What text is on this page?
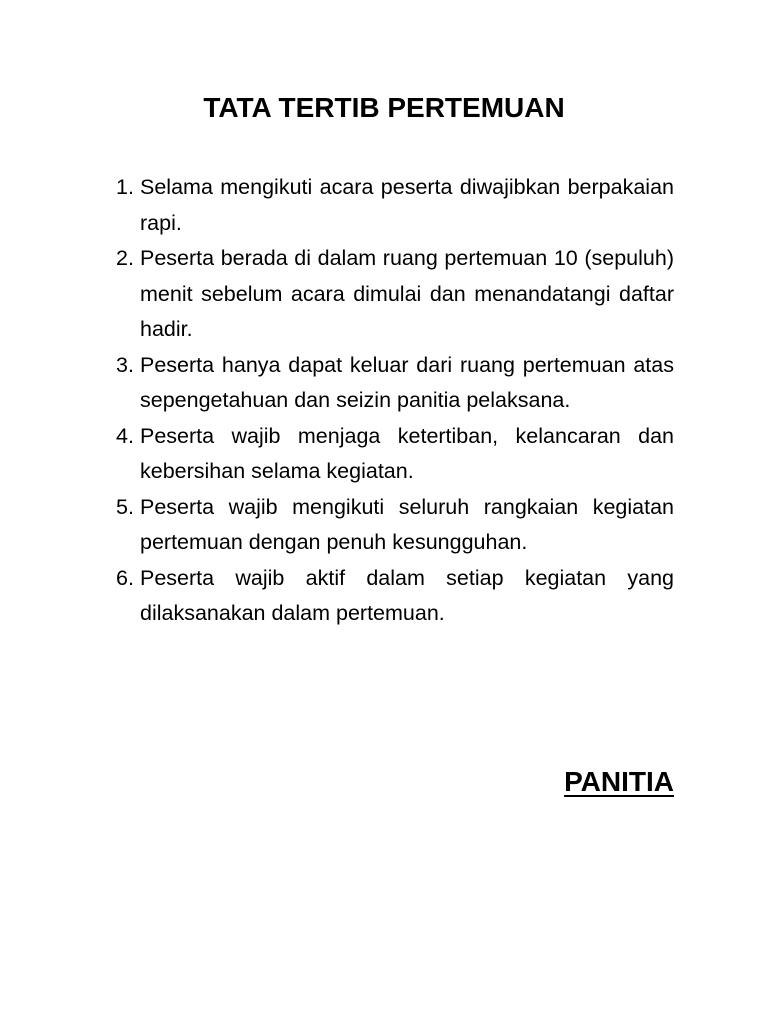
TATA TERTIB PERTEMUAN
1. Selama mengikuti acara peserta diwajibkan berpakaian rapi.
2. Peserta berada di dalam ruang pertemuan 10 (sepuluh) menit sebelum acara dimulai dan menandatangi daftar hadir.
3. Peserta hanya dapat keluar dari ruang pertemuan atas sepengetahuan dan seizin panitia pelaksana.
4. Peserta wajib menjaga ketertiban, kelancaran dan kebersihan selama kegiatan.
5. Peserta wajib mengikuti seluruh rangkaian kegiatan pertemuan dengan penuh kesungguhan.
6. Peserta wajib aktif dalam setiap kegiatan yang dilaksanakan dalam pertemuan.

PANITIA
